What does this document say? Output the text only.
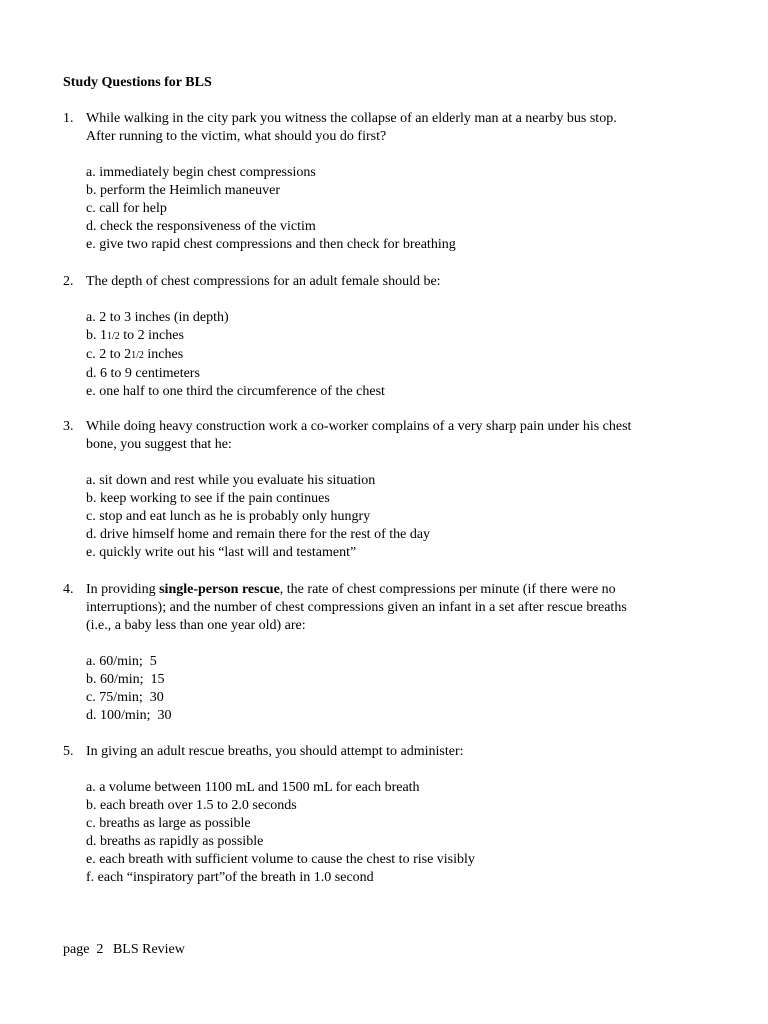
Study Questions for BLS
1. While walking in the city park you witness the collapse of an elderly man at a nearby bus stop.
After running to the victim, what should you do first?
a. immediately begin chest compressions
b. perform the Heimlich maneuver
c. call for help
d. check the responsiveness of the victim
e. give two rapid chest compressions and then check for breathing
2. The depth of chest compressions for an adult female should be:
a. 2 to 3 inches (in depth)
b. 11/2 to 2 inches
c. 2 to 21/2 inches
d. 6 to 9 centimeters
e. one half to one third the circumference of the chest
3. While doing heavy construction work a co-worker complains of a very sharp pain under his chest
bone, you suggest that he:
a. sit down and rest while you evaluate his situation
b. keep working to see if the pain continues
c. stop and eat lunch as he is probably only hungry
d. drive himself home and remain there for the rest of the day
e. quickly write out his “last will and testament”
4. In providing single-person rescue, the rate of chest compressions per minute (if there were no
interruptions); and the number of chest compressions given an infant in a set after rescue breaths
(i.e., a baby less than one year old) are:
a. 60/min;  5
b. 60/min;  15
c. 75/min;  30
d. 100/min;  30
5. In giving an adult rescue breaths, you should attempt to administer:
a. a volume between 1100 mL and 1500 mL for each breath
b. each breath over 1.5 to 2.0 seconds
c. breaths as large as possible
d. breaths as rapidly as possible
e. each breath with sufficient volume to cause the chest to rise visibly
f. each “inspiratory part”of the breath in 1.0 second
page  2 BLS Review
